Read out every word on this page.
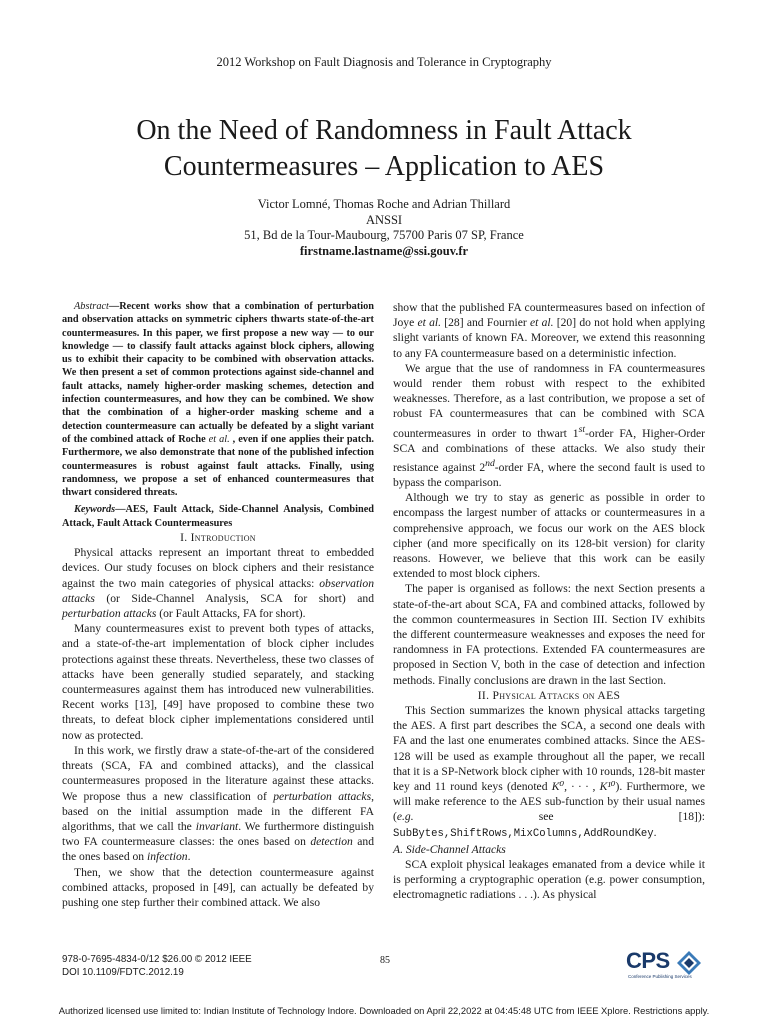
2012 Workshop on Fault Diagnosis and Tolerance in Cryptography
On the Need of Randomness in Fault Attack
Countermeasures – Application to AES
Victor Lomné, Thomas Roche and Adrian Thillard
ANSSI
51, Bd de la Tour-Maubourg, 75700 Paris 07 SP, France
firstname.lastname@ssi.gouv.fr

Abstract—Recent works show that a combination of perturbation and observation attacks on symmetric ciphers thwarts state-of-the-art countermeasures. In this paper, we first propose a new way — to our knowledge — to classify fault attacks against block ciphers, allowing us to exhibit their capacity to be combined with observation attacks. We then present a set of common protections against side-channel and fault attacks, namely higher-order masking schemes, detection and infection countermeasures, and how they can be combined. We show that the combination of a higher-order masking scheme and a detection countermeasure can actually be defeated by a slight variant of the combined attack of Roche et al. , even if one applies their patch. Furthermore, we also demonstrate that none of the published infection countermeasures is robust against fault attacks. Finally, using randomness, we propose a set of enhanced countermeasures that thwart considered threats.

Keywords—AES, Fault Attack, Side-Channel Analysis, Combined Attack, Fault Attack Countermeasures

I. Introduction

Physical attacks represent an important threat to embedded devices. Our study focuses on block ciphers and their resistance against the two main categories of physical attacks: observation attacks (or Side-Channel Analysis, SCA for short) and perturbation attacks (or Fault Attacks, FA for short).

Many countermeasures exist to prevent both types of attacks, and a state-of-the-art implementation of block cipher includes protections against these threats. Nevertheless, these two classes of attacks have been generally studied separately, and stacking countermeasures against them has introduced new vulnerabilities. Recent works [13], [49] have proposed to combine these two threats, to defeat block cipher implementations considered until now as protected.

In this work, we firstly draw a state-of-the-art of the considered threats (SCA, FA and combined attacks), and the classical countermeasures proposed in the literature against these attacks. We propose thus a new classification of perturbation attacks, based on the initial assumption made in the different FA algorithms, that we call the invariant. We furthermore distinguish two FA countermeasure classes: the ones based on detection and the ones based on infection.

Then, we show that the detection countermeasure against combined attacks, proposed in [49], can actually be defeated by pushing one step further their combined attack. We also

show that the published FA countermeasures based on infection of Joye et al. [28] and Fournier et al. [20] do not hold when applying slight variants of known FA. Moreover, we extend this reasonning to any FA countermeasure based on a deterministic infection.

We argue that the use of randomness in FA countermeasures would render them robust with respect to the exhibited weaknesses. Therefore, as a last contribution, we propose a set of robust FA countermeasures that can be combined with SCA countermeasures in order to thwart 1st-order FA, Higher-Order SCA and combinations of these attacks. We also study their resistance against 2nd-order FA, where the second fault is used to bypass the comparison.

Although we try to stay as generic as possible in order to encompass the largest number of attacks or countermeasures in a comprehensive approach, we focus our work on the AES block cipher (and more specifically on its 128-bit version) for clarity reasons. However, we believe that this work can be easily extended to most block ciphers.

The paper is organised as follows: the next Section presents a state-of-the-art about SCA, FA and combined attacks, followed by the common countermeasures in Section III. Section IV exhibits the different countermeasure weaknesses and exposes the need for randomness in FA protections. Extended FA countermeasures are proposed in Section V, both in the case of detection and infection methods. Finally conclusions are drawn in the last Section.

II. Physical Attacks on AES

This Section summarizes the known physical attacks targeting the AES. A first part describes the SCA, a second one deals with FA and the last one enumerates combined attacks. Since the AES-128 will be used as example throughout all the paper, we recall that it is a SP-Network block cipher with 10 rounds, 128-bit master key and 11 round keys (denoted K⁰, · · · , K¹⁰). Furthermore, we will make reference to the AES sub-function by their usual names (e.g. see [18]): SubBytes,ShiftRows,MixColumns,AddRoundKey.

A. Side-Channel Attacks

SCA exploit physical leakages emanated from a device while it is performing a cryptographic operation (e.g. power consumption, electromagnetic radiations . . .). As physical

978-0-7695-4834-0/12 $26.00 © 2012 IEEE
DOI 10.1109/FDTC.2012.19
85	CPS
Conference Publishing Services
Authorized licensed use limited to: Indian Institute of Technology Indore. Downloaded on April 22,2022 at 04:45:48 UTC from IEEE Xplore. Restrictions apply.
